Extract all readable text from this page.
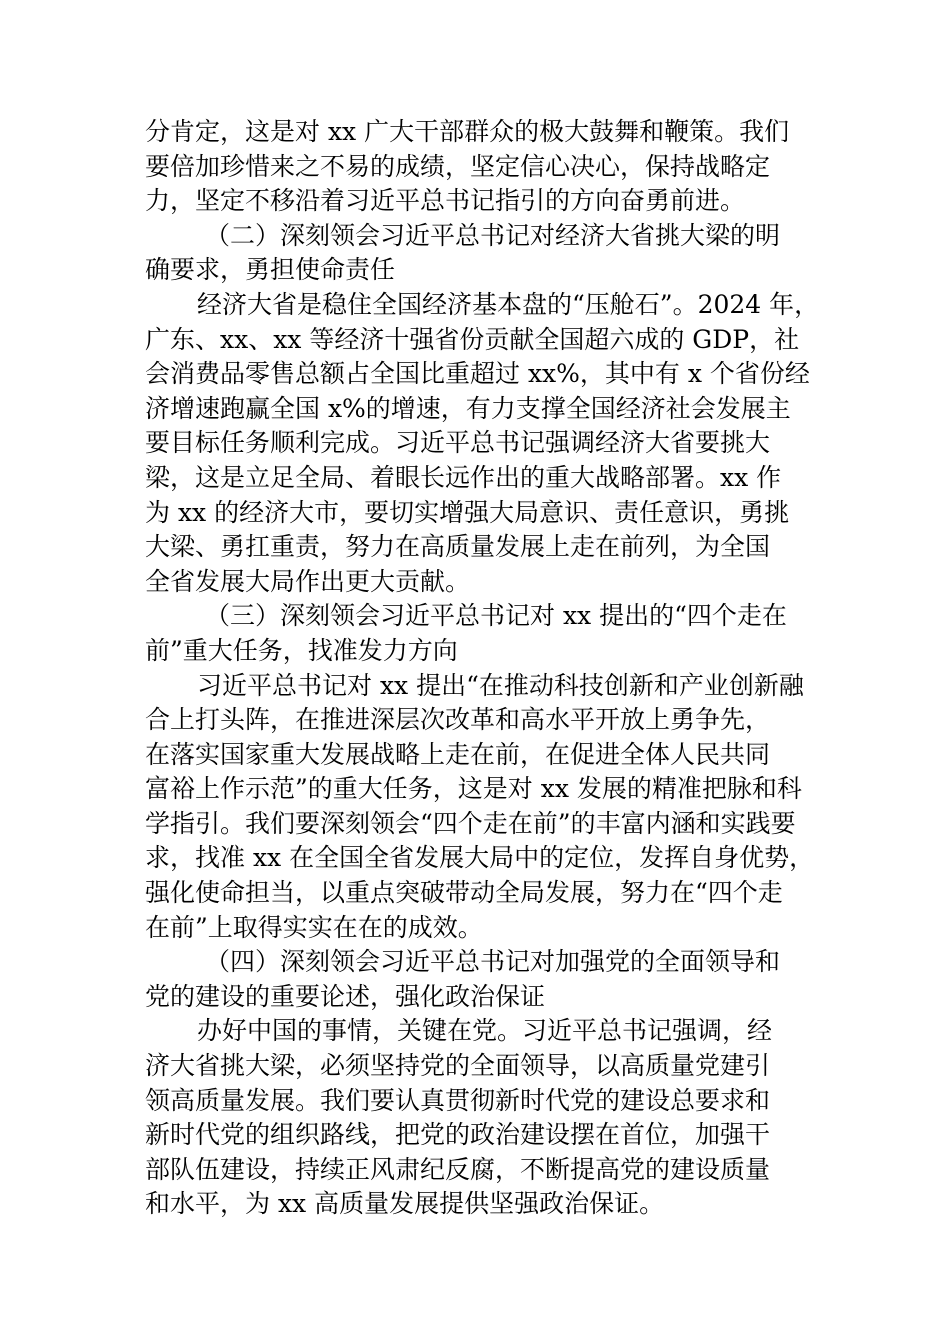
分肯定，这是对 xx 广大干部群众的极大鼓舞和鞭策。我们
要倍加珍惜来之不易的成绩，坚定信心决心，保持战略定
力，坚定不移沿着习近平总书记指引的方向奋勇前进。
（二）深刻领会习近平总书记对经济大省挑大梁的明
确要求，勇担使命责任
经济大省是稳住全国经济基本盘的“压舱石”。2024 年，
广东、xx、xx 等经济十强省份贡献全国超六成的 GDP，社
会消费品零售总额占全国比重超过 xx%，其中有 x 个省份经
济增速跑赢全国 x%的增速，有力支撑全国经济社会发展主
要目标任务顺利完成。习近平总书记强调经济大省要挑大
梁，这是立足全局、着眼长远作出的重大战略部署。xx 作
为 xx 的经济大市，要切实增强大局意识、责任意识，勇挑
大梁、勇扛重责，努力在高质量发展上走在前列，为全国
全省发展大局作出更大贡献。
（三）深刻领会习近平总书记对 xx 提出的“四个走在
前”重大任务，找准发力方向
习近平总书记对 xx 提出“在推动科技创新和产业创新融
合上打头阵，在推进深层次改革和高水平开放上勇争先，
在落实国家重大发展战略上走在前，在促进全体人民共同
富裕上作示范”的重大任务，这是对 xx 发展的精准把脉和科
学指引。我们要深刻领会“四个走在前”的丰富内涵和实践要
求，找准 xx 在全国全省发展大局中的定位，发挥自身优势，
强化使命担当，以重点突破带动全局发展，努力在“四个走
在前”上取得实实在在的成效。
（四）深刻领会习近平总书记对加强党的全面领导和
党的建设的重要论述，强化政治保证
办好中国的事情，关键在党。习近平总书记强调，经
济大省挑大梁，必须坚持党的全面领导，以高质量党建引
领高质量发展。我们要认真贯彻新时代党的建设总要求和
新时代党的组织路线，把党的政治建设摆在首位，加强干
部队伍建设，持续正风肃纪反腐，不断提高党的建设质量
和水平，为 xx 高质量发展提供坚强政治保证。
